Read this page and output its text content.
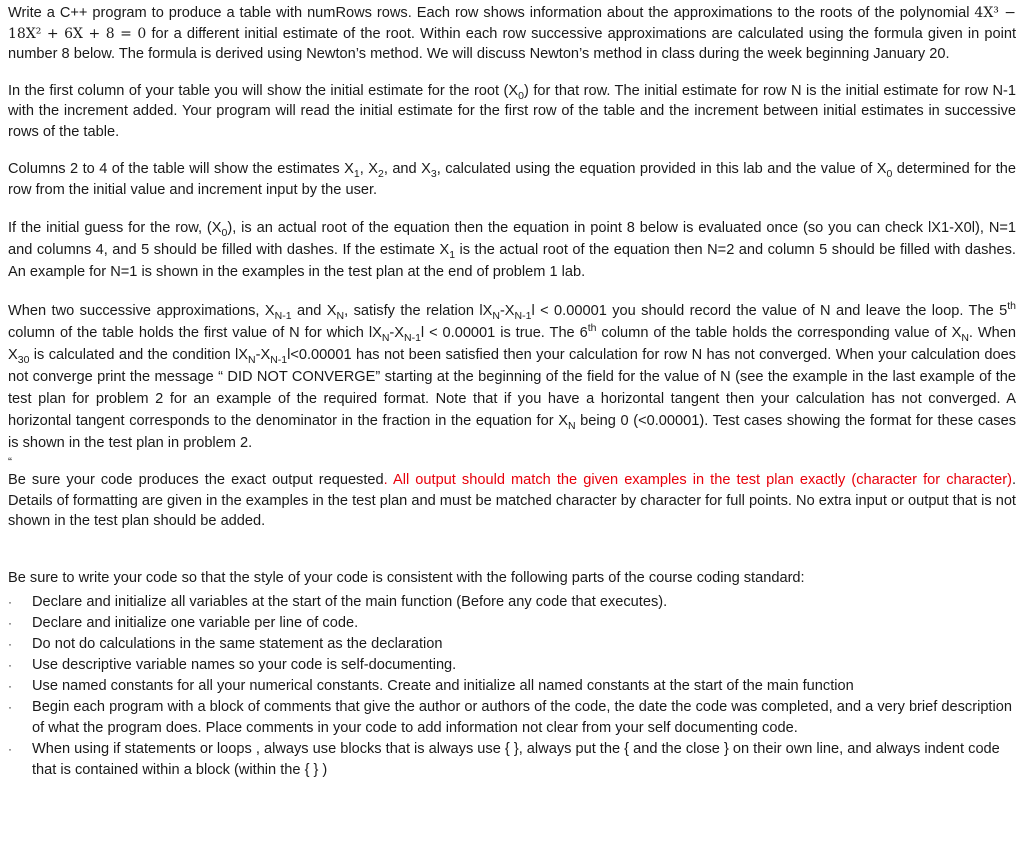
Write a C++ program to produce a table with numRows rows. Each row shows information about the approximations to the roots of the polynomial 4X³ − 18X² + 6X + 8 = 0 for a different initial estimate of the root. Within each row successive approximations are calculated using the formula given in point number 8 below. The formula is derived using Newton’s method. We will discuss Newton’s method in class during the week beginning January 20.

In the first column of your table you will show the initial estimate for the root $(X_0)$ for that row. The initial estimate for row N is the initial estimate for row N-1 with the increment added. Your program will read the initial estimate for the first row of the table and the increment between initial estimates in successive rows of the table.

Columns 2 to 4 of the table will show the estimates $X_1$, $X_2$, and $X_3$, calculated using the equation provided in this lab and the value of $X_0$ determined for the row from the initial value and increment input by the user.

If the initial guess for the row, $(X_0)$, is an actual root of the equation then the equation in point 8 below is evaluated once (so you can check lX1-X0l), N=1 and columns 4, and 5 should be filled with dashes. If the estimate $X_1$ is the actual root of the equation then N=2 and column 5 should be filled with dashes. An example for N=1 is shown in the examples in the test plan at the end of problem 1 lab.

When two successive approximations, $X_{N-1}$ and $X_N$, satisfy the relation $lX_N-X_{N-1}l < 0.00001$ you should record the value of N and leave the loop. The 5th column of the table holds the first value of N for which $lX_N-X_{N-1}l < 0.00001$ is true. The 6th column of the table holds the corresponding value of $X_N$. When $X_{30}$ is calculated and the condition $lX_N-X_{N-1}l<0.00001$ has not been satisfied then your calculation for row N has not converged. When your calculation does not converge print the message “ DID NOT CONVERGE” starting at the beginning of the field for the value of N (see the example in the last example of the test plan for problem 2 for an example of the required format. Note that if you have a horizontal tangent then your calculation has not converged. A horizontal tangent corresponds to the denominator in the fraction in the equation for $X_N$ being 0 (<0.00001). Test cases showing the format for these cases is shown in the test plan in problem 2.

“

Be sure your code produces the exact output requested. All output should match the given examples in the test plan exactly (character for character). Details of formatting are given in the examples in the test plan and must be matched character by character for full points. No extra input or output that is not shown in the test plan should be added.

Be sure to write your code so that the style of your code is consistent with the following parts of the course coding standard:

· Declare and initialize all variables at the start of the main function (Before any code that executes).
· Declare and initialize one variable per line of code.
· Do not do calculations in the same statement as the declaration
· Use descriptive variable names so your code is self-documenting.
· Use named constants for all your numerical constants. Create and initialize all named constants at the start of the main function
· Begin each program with a block of comments that give the author or authors of the code, the date the code was completed, and a very brief description of what the program does. Place comments in your code to add information not clear from your self documenting code.
· When using if statements or loops , always use blocks that is always use { }, always put the { and the close } on their own line, and always indent code that is contained within a block (within the { } )
